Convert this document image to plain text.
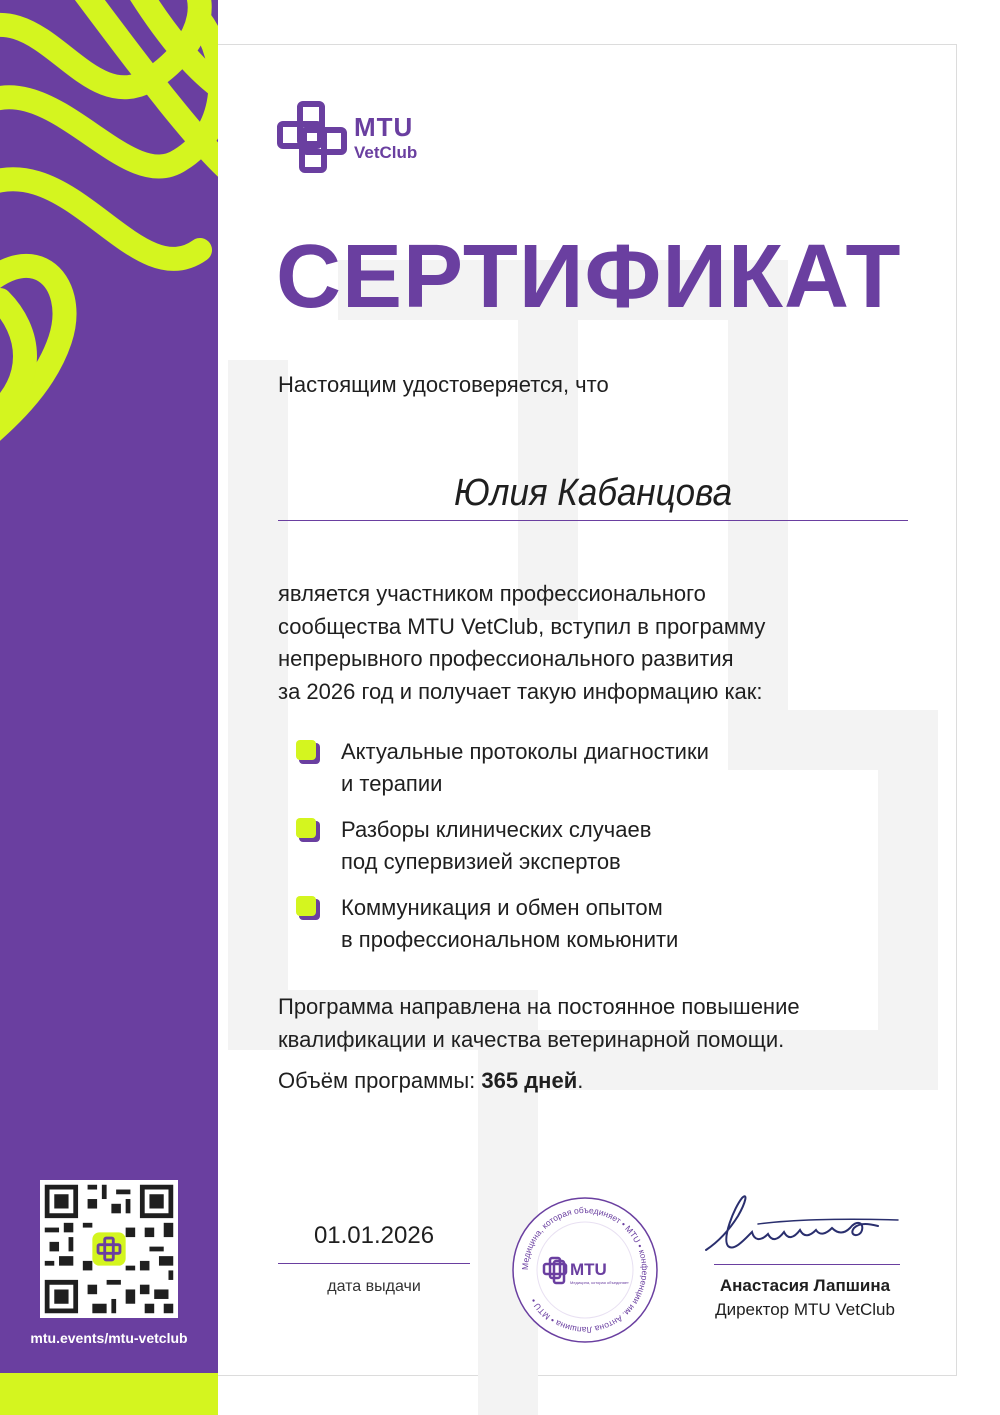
MTU
VetClub
СЕРТИФИКАТ
Настоящим удостоверяется, что
Юлия Кабанцова
является участником профессионального
сообщества MTU VetClub, вступил в программу
непрерывного профессионального развития
за 2026 год и получает такую информацию как:
Актуальные протоколы диагностики
и терапии
Разборы клинических случаев
под супервизией экспертов
Коммуникация и обмен опытом
в профессиональном комьюнити
Программа направлена на постоянное повышение
квалификации и качества ветеринарной помощи.
Объём программы: 365 дней.
mtu.events/mtu-vetclub
01.01.2026
дата выдачи
Медицина, которая объединяет • MTU • конференции им. Антона Лапшина • MTU •
MTU
Медицина, которая объединяет	Анастасия Лапшина
Директор MTU VetClub
